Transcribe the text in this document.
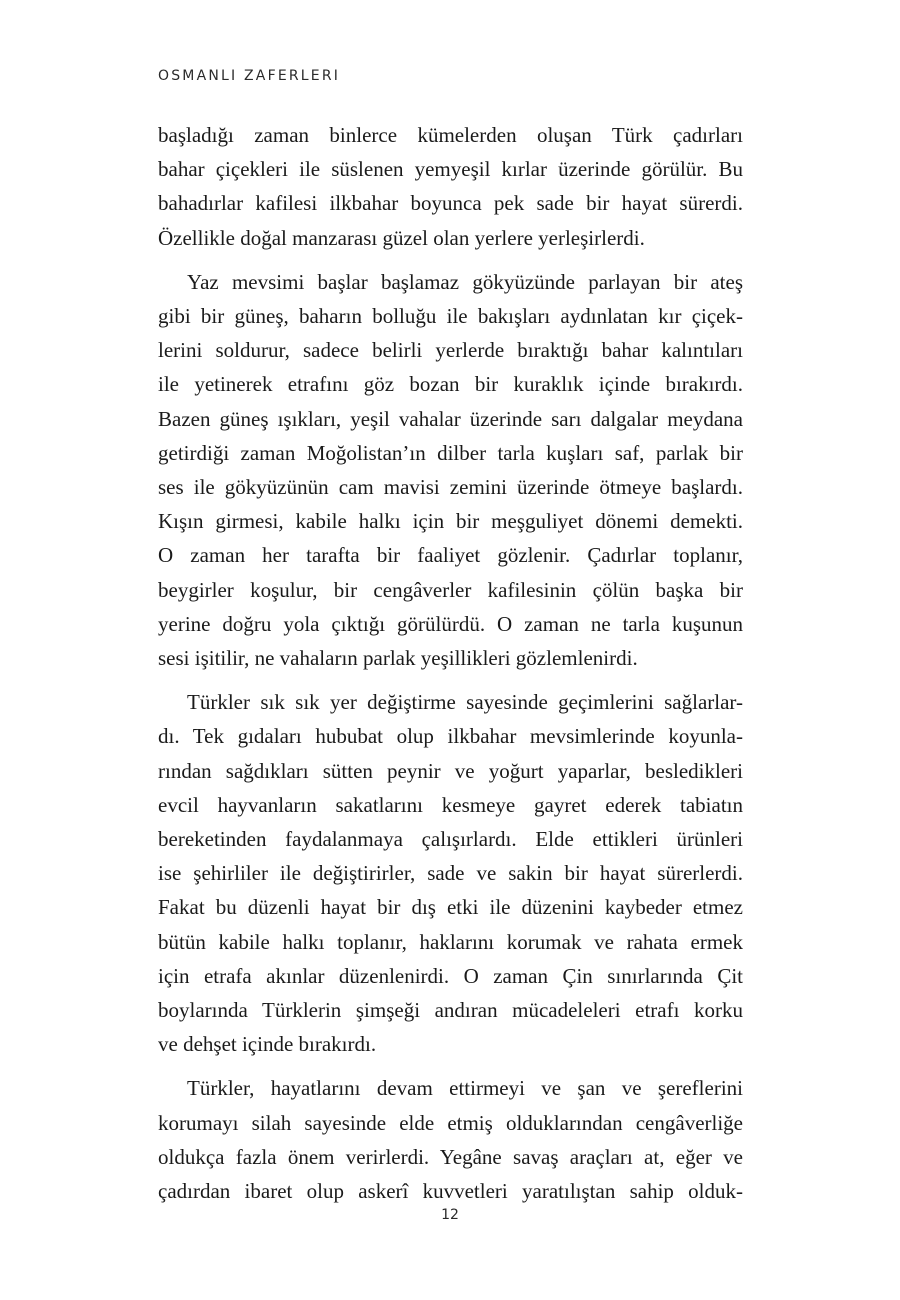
OSMANLI ZAFERLERI
başladığı zaman binlerce kümelerden oluşan Türk çadırları
bahar çiçekleri ile süslenen yemyeşil kırlar üzerinde görülür. Bu
bahadırlar kafilesi ilkbahar boyunca pek sade bir hayat sürerdi.
Özellikle doğal manzarası güzel olan yerlere yerleşirlerdi.
Yaz mevsimi başlar başlamaz gökyüzünde parlayan bir ateş
gibi bir güneş, baharın bolluğu ile bakışları aydınlatan kır çiçek-
lerini soldurur, sadece belirli yerlerde bıraktığı bahar kalıntıları
ile yetinerek etrafını göz bozan bir kuraklık içinde bırakırdı.
Bazen güneş ışıkları, yeşil vahalar üzerinde sarı dalgalar meydana
getirdiği zaman Moğolistan’ın dilber tarla kuşları saf, parlak bir
ses ile gökyüzünün cam mavisi zemini üzerinde ötmeye başlardı.
Kışın girmesi, kabile halkı için bir meşguliyet dönemi demekti.
O zaman her tarafta bir faaliyet gözlenir. Çadırlar toplanır,
beygirler koşulur, bir cengâverler kafilesinin çölün başka bir
yerine doğru yola çıktığı görülürdü. O zaman ne tarla kuşunun
sesi işitilir, ne vahaların parlak yeşillikleri gözlemlenirdi.
Türkler sık sık yer değiştirme sayesinde geçimlerini sağlarlar-
dı. Tek gıdaları hububat olup ilkbahar mevsimlerinde koyunla-
rından sağdıkları sütten peynir ve yoğurt yaparlar, besledikleri
evcil hayvanların sakatlarını kesmeye gayret ederek tabiatın
bereketinden faydalanmaya çalışırlardı. Elde ettikleri ürünleri
ise şehirliler ile değiştirirler, sade ve sakin bir hayat sürerlerdi.
Fakat bu düzenli hayat bir dış etki ile düzenini kaybeder etmez
bütün kabile halkı toplanır, haklarını korumak ve rahata ermek
için etrafa akınlar düzenlenirdi. O zaman Çin sınırlarında Çit
boylarında Türklerin şimşeği andıran mücadeleleri etrafı korku
ve dehşet içinde bırakırdı.
Türkler, hayatlarını devam ettirmeyi ve şan ve şereflerini
korumayı silah sayesinde elde etmiş olduklarından cengâverliğe
oldukça fazla önem verirlerdi. Yegâne savaş araçları at, eğer ve
çadırdan ibaret olup askerî kuvvetleri yaratılıştan sahip olduk-
12
